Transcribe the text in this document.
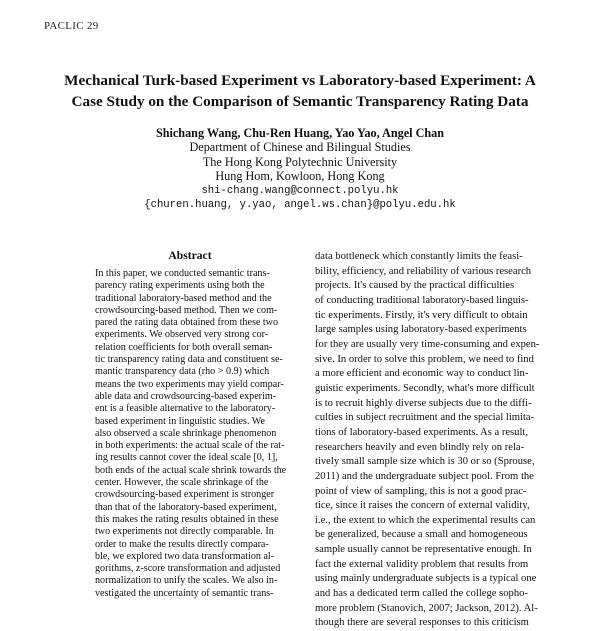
PACLIC 29
Mechanical Turk-based Experiment vs Laboratory-based Experiment: A
Case Study on the Comparison of Semantic Transparency Rating Data
Shichang Wang, Chu-Ren Huang, Yao Yao, Angel Chan
Department of Chinese and Bilingual Studies
The Hong Kong Polytechnic University
Hung Hom, Kowloon, Hong Kong
shi-chang.wang@connect.polyu.hk
{churen.huang, y.yao, angel.ws.chan}@polyu.edu.hk
Abstract
In this paper, we conducted semantic trans-
parency rating experiments using both the
traditional laboratory-based method and the
crowdsourcing-based method. Then we com-
pared the rating data obtained from these two
experiments. We observed very strong cor-
relation coefficients for both overall seman-
tic transparency rating data and constituent se-
mantic transparency data (rho > 0.9) which
means the two experiments may yield compar-
able data and crowdsourcing-based experim-
ent is a feasible alternative to the laboratory-
based experiment in linguistic studies. We
also observed a scale shrinkage phenomenon
in both experiments: the actual scale of the rat-
ing results cannot cover the ideal scale [0, 1],
both ends of the actual scale shrink towards the
center. However, the scale shrinkage of the
crowdsourcing-based experiment is stronger
than that of the laboratory-based experiment,
this makes the rating results obtained in these
two experiments not directly comparable. In
order to make the results directly compara-
ble, we explored two data transformation al-
gorithms, z-score transformation and adjusted
normalization to unify the scales. We also in-
vestigated the uncertainty of semantic trans-
data bottleneck which constantly limits the feasi-
bility, efficiency, and reliability of various research
projects. It's caused by the practical difficulties
of conducting traditional laboratory-based linguis-
tic experiments. Firstly, it's very difficult to obtain
large samples using laboratory-based experiments
for they are usually very time-consuming and expen-
sive. In order to solve this problem, we need to find
a more efficient and economic way to conduct lin-
guistic experiments. Secondly, what's more difficult
is to recruit highly diverse subjects due to the diffi-
culties in subject recruitment and the special limita-
tions of laboratory-based experiments. As a result,
researchers heavily and even blindly rely on rela-
tively small sample size which is 30 or so (Sprouse,
2011) and the undergraduate subject pool. From the
point of view of sampling, this is not a good prac-
tice, since it raises the concern of external validity,
i.e., the extent to which the experimental results can
be generalized, because a small and homogeneous
sample usually cannot be representative enough. In
fact the external validity problem that results from
using mainly undergraduate subjects is a typical one
and has a dedicated term called the college sopho-
more problem (Stanovich, 2007; Jackson, 2012). Al-
though there are several responses to this criticism
